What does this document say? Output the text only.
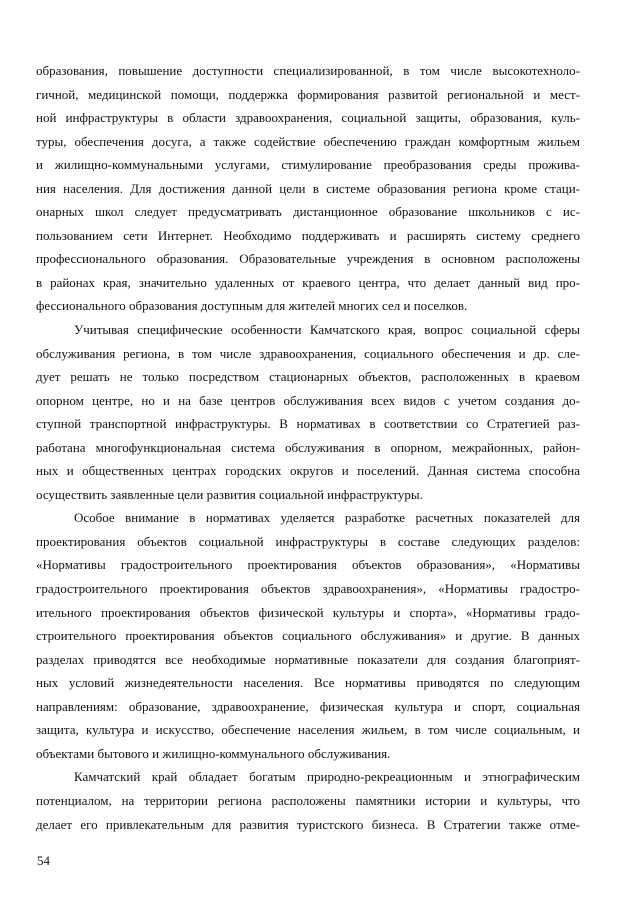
образования, повышение доступности специализированной, в том числе высокотехноло-
гичной, медицинской помощи, поддержка формирования развитой региональной и мест-
ной инфраструктуры в области здравоохранения, социальной защиты, образования, куль-
туры, обеспечения досуга, а также содействие обеспечению граждан комфортным жильем
и жилищно-коммунальными услугами, стимулирование преобразования среды прожива-
ния населения. Для достижения данной цели в системе образования региона кроме стаци-
онарных школ следует предусматривать дистанционное образование школьников с ис-
пользованием сети Интернет. Необходимо поддерживать и расширять систему среднего
профессионального образования. Образовательные учреждения в основном расположены
в районах края, значительно удаленных от краевого центра, что делает данный вид про-
фессионального образования доступным для жителей многих сел и поселков.
Учитывая специфические особенности Камчатского края, вопрос социальной сферы
обслуживания региона, в том числе здравоохранения, социального обеспечения и др. сле-
дует решать не только посредством стационарных объектов, расположенных в краевом
опорном центре, но и на базе центров обслуживания всех видов с учетом создания до-
ступной транспортной инфраструктуры. В нормативах в соответствии со Стратегией раз-
работана многофункциональная система обслуживания в опорном, межрайонных, район-
ных и общественных центрах городских округов и поселений. Данная система способна
осуществить заявленные цели развития социальной инфраструктуры.
Особое внимание в нормативах уделяется разработке расчетных показателей для
проектирования объектов социальной инфраструктуры в составе следующих разделов:
«Нормативы градостроительного проектирования объектов образования», «Нормативы
градостроительного проектирования объектов здравоохранения», «Нормативы градостро-
ительного проектирования объектов физической культуры и спорта», «Нормативы градо-
строительного проектирования объектов социального обслуживания» и другие. В данных
разделах приводятся все необходимые нормативные показатели для создания благоприят-
ных условий жизнедеятельности населения. Все нормативы приводятся по следующим
направлениям: образование, здравоохранение, физическая культура и спорт, социальная
защита, культура и искусство, обеспечение населения жильем, в том числе социальным, и
объектами бытового и жилищно-коммунального обслуживания.
Камчатский край обладает богатым природно-рекреационным и этнографическим
потенциалом, на территории региона расположены памятники истории и культуры, что
делает его привлекательным для развития туристского бизнеса. В Стратегии также отме-
54
